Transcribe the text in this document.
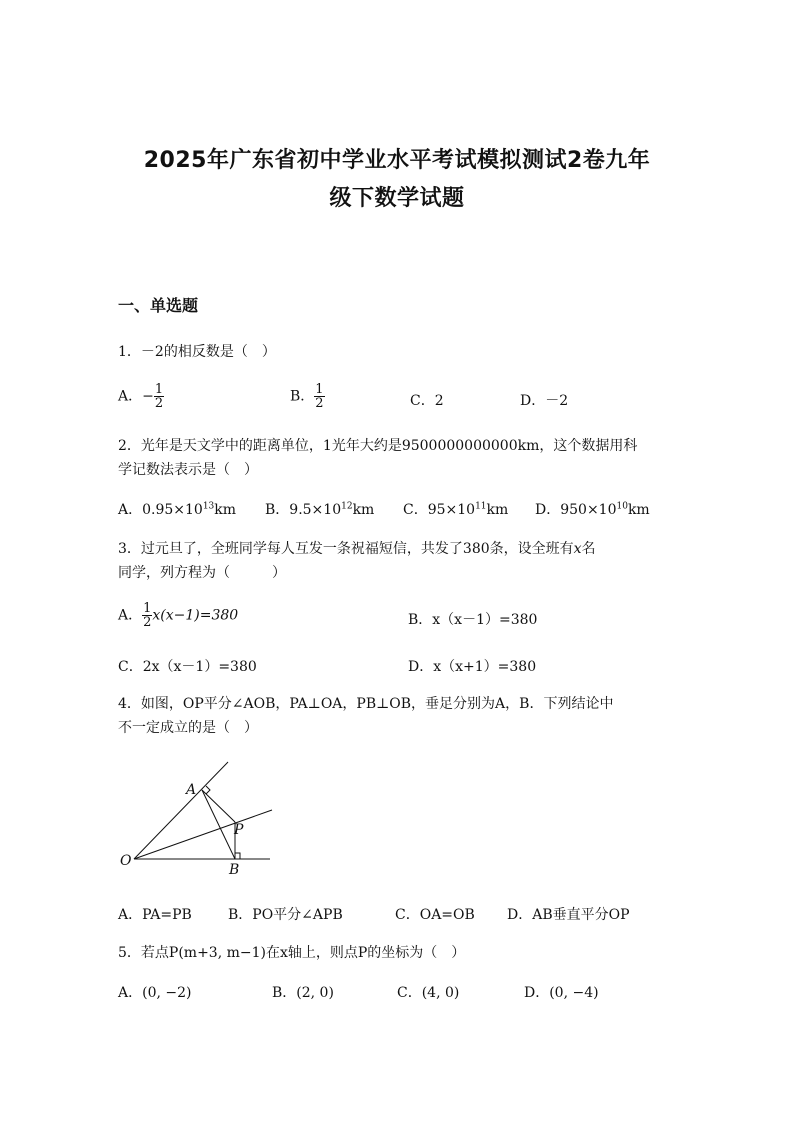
2025年广东省初中学业水平考试模拟测试2卷九年
级下数学试题
一、单选题
1．－2的相反数是（　）
A．− $\frac{1}{2}$	B． $\frac{1}{2}$	C．2	D．－2
2．光年是天文学中的距离单位，1光年大约是9500000000000km，这个数据用科
学记数法表示是（　）
A．$0.95\times 10^{13}km$ B．$9.5\times 10^{12}km$ C．$95\times 10^{11}km$ D．$950\times 10^{10}km$
3．过元旦了，全班同学每人互发一条祝福短信，共发了380条，设全班有x名
同学，列方程为（　　　）
A． $\frac{1}{2} x(x-1)=380$	B．x（x－1）=380
C．2x（x－1）=380	D．x（x+1）=380
4．如图，OP平分∠AOB，PA⊥OA，PB⊥OB，垂足分别为A，B．下列结论中
不一定成立的是（　）
A
P
O
B
A．PA=PB	B．PO平分∠APB	C．OA=OB D．AB垂直平分OP
5．若点P(m+3, m−1)在x轴上，则点P的坐标为（　）
A．(0, −2)	B．(2, 0)	C．(4, 0)	D．(0, −4)
